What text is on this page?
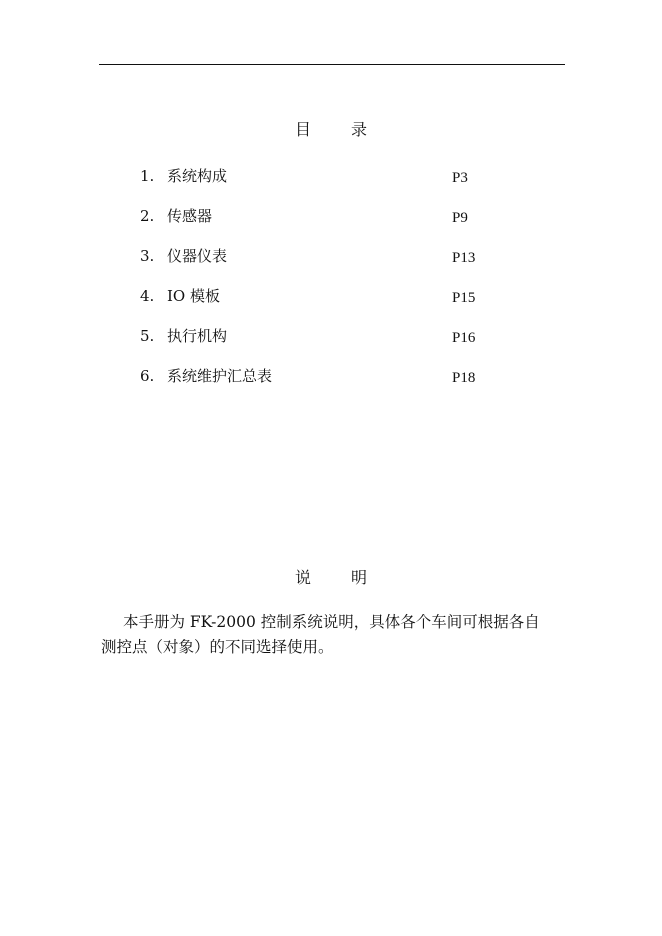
目录
1. 系统构成	P3
2. 传感器	P9
3. 仪器仪表	P13
4. IO 模板	P15
5. 执行机构	P16
6. 系统维护汇总表	P18
说明

本手册为 FK-2000 控制系统说明，具体各个车间可根据各自测控点（对象）的不同选择使用。
